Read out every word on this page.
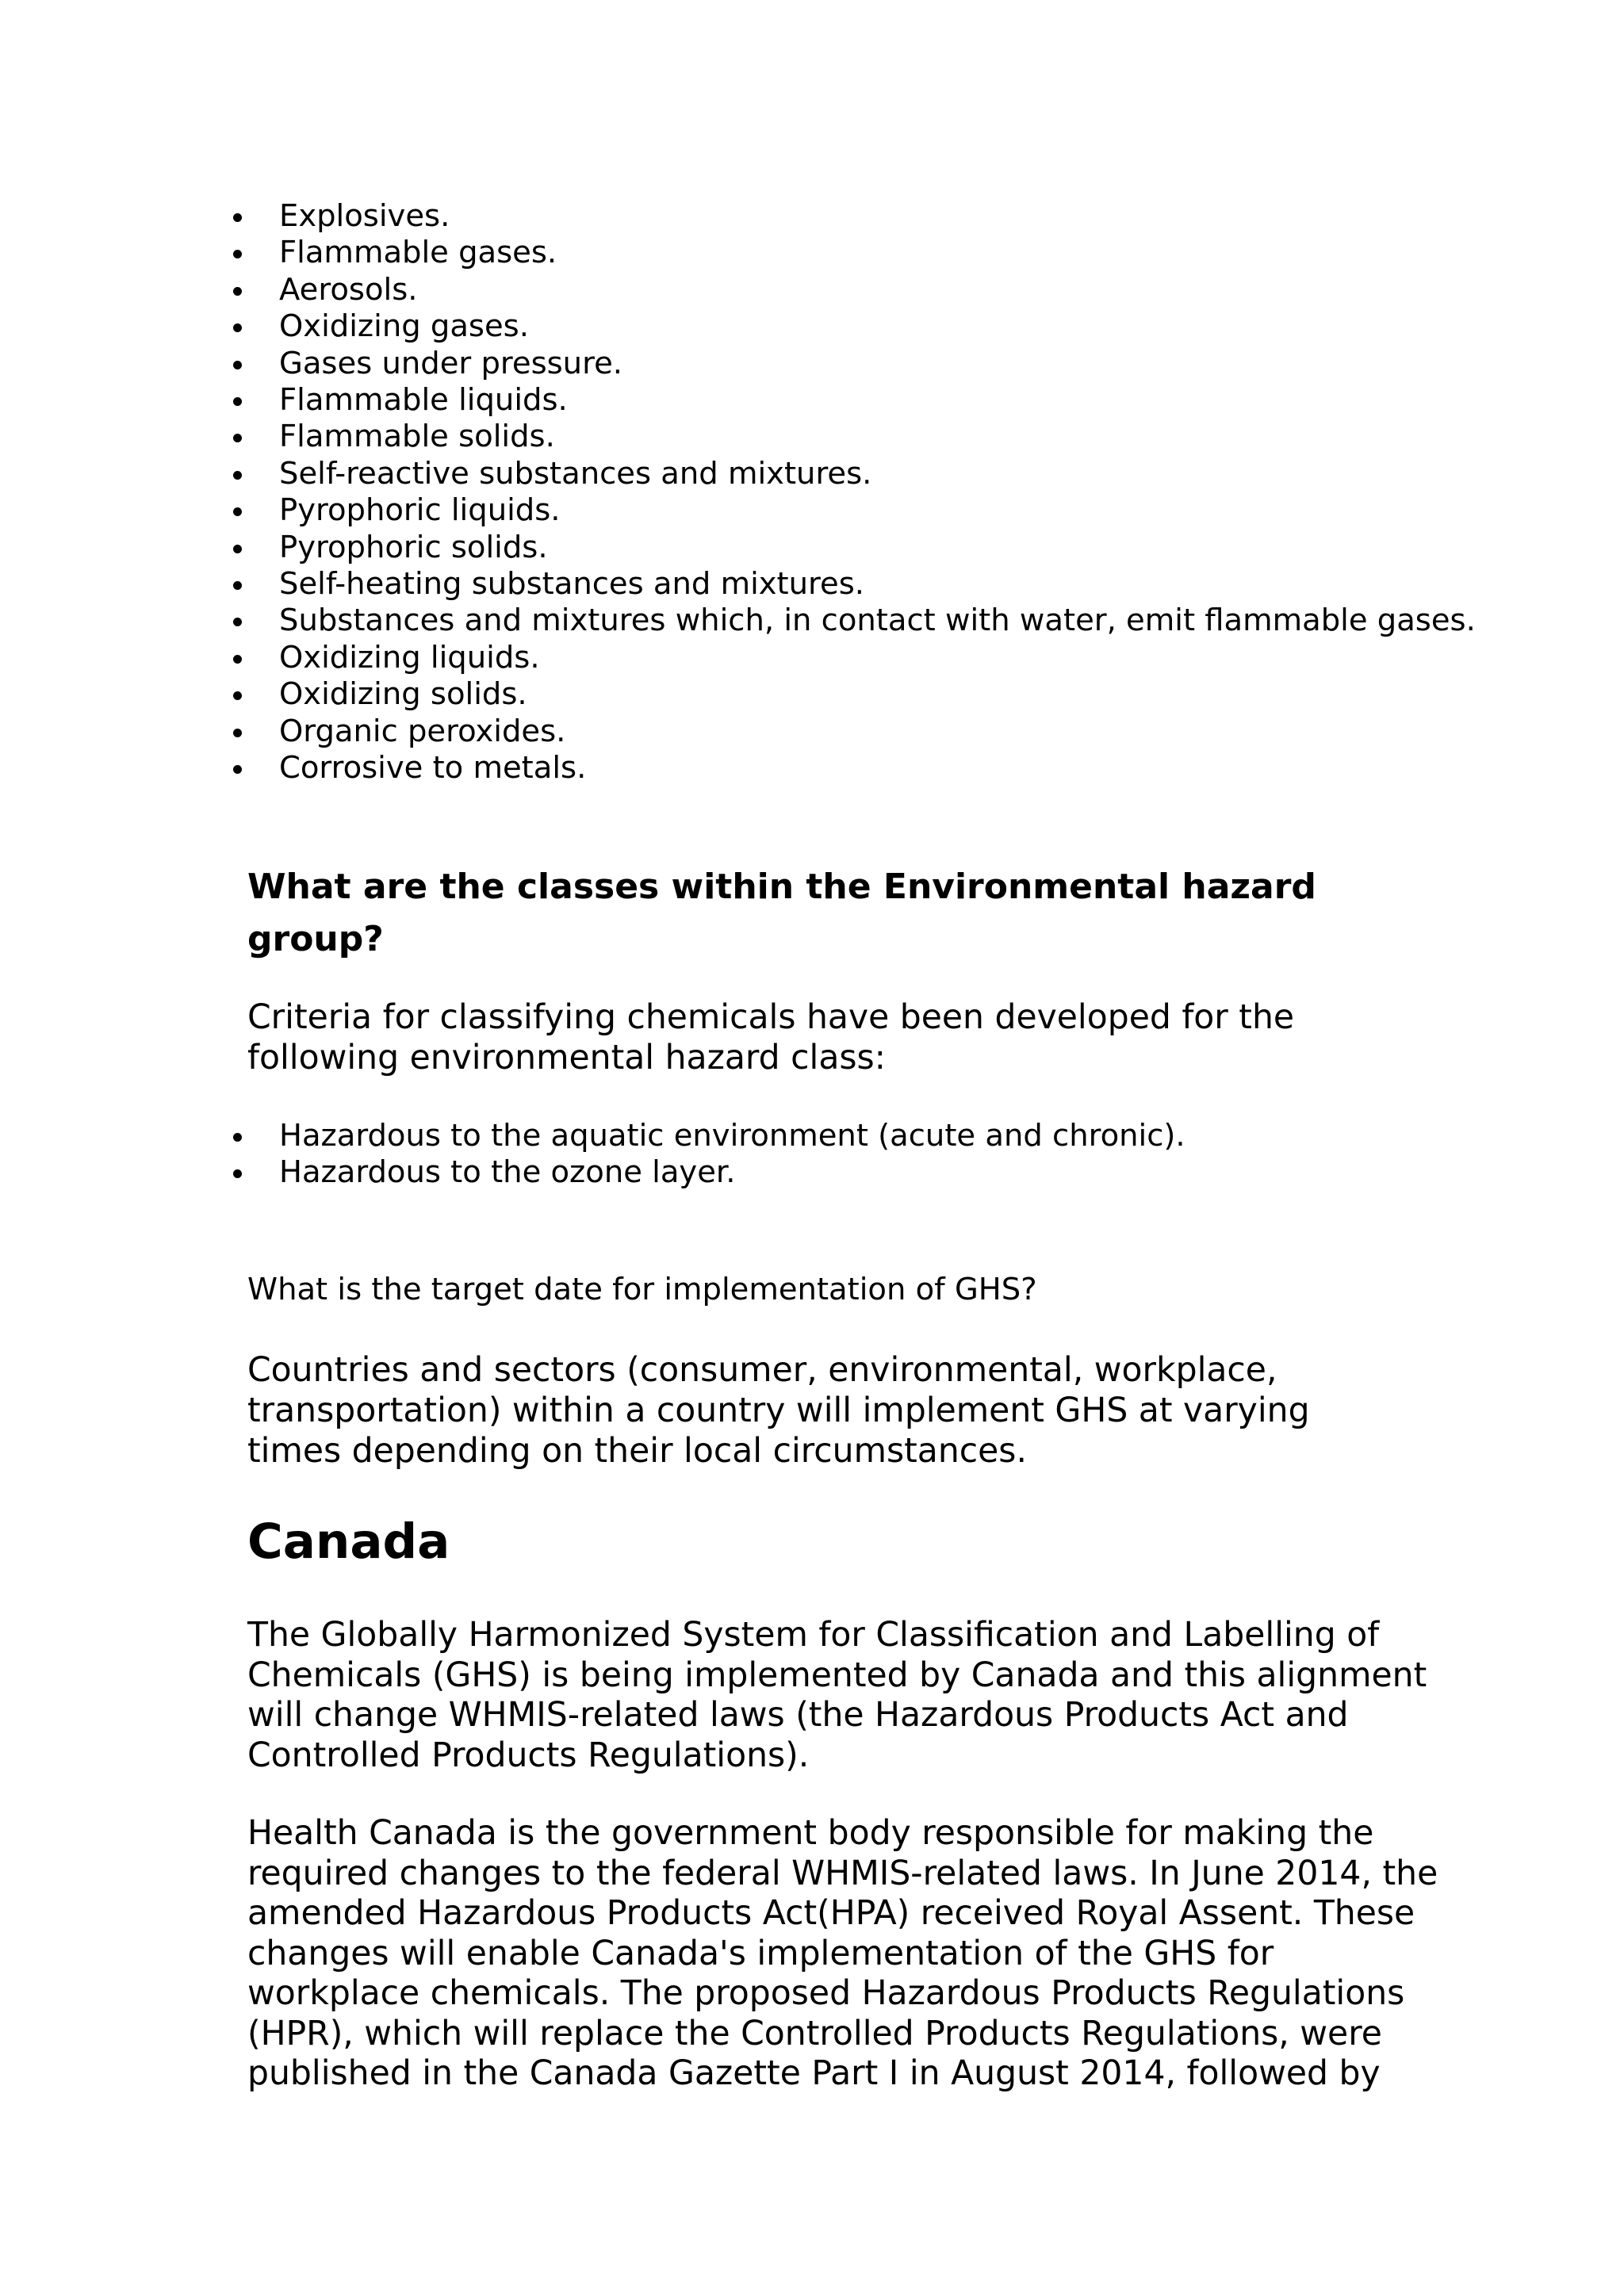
Explosives.
Flammable gases.
Aerosols.
Oxidizing gases.
Gases under pressure.
Flammable liquids.
Flammable solids.
Self-reactive substances and mixtures.
Pyrophoric liquids.
Pyrophoric solids.
Self-heating substances and mixtures.
Substances and mixtures which, in contact with water, emit flammable gases.
Oxidizing liquids.
Oxidizing solids.
Organic peroxides.
Corrosive to metals.
What are the classes within the Environmental hazard group?

Criteria for classifying chemicals have been developed for the following environmental hazard class:

Hazardous to the aquatic environment (acute and chronic).
Hazardous to the ozone layer.

What is the target date for implementation of GHS?

Countries and sectors (consumer, environmental, workplace, transportation) within a country will implement GHS at varying times depending on their local circumstances.

Canada

The Globally Harmonized System for Classification and Labelling of Chemicals (GHS) is being implemented by Canada and this alignment will change WHMIS-related laws (the Hazardous Products Act and Controlled Products Regulations).

Health Canada is the government body responsible for making the required changes to the federal WHMIS-related laws. In June 2014, the amended Hazardous Products Act(HPA) received Royal Assent. These changes will enable Canada's implementation of the GHS for workplace chemicals. The proposed Hazardous Products Regulations (HPR), which will replace the Controlled Products Regulations, were published in the Canada Gazette Part I in August 2014, followed by
